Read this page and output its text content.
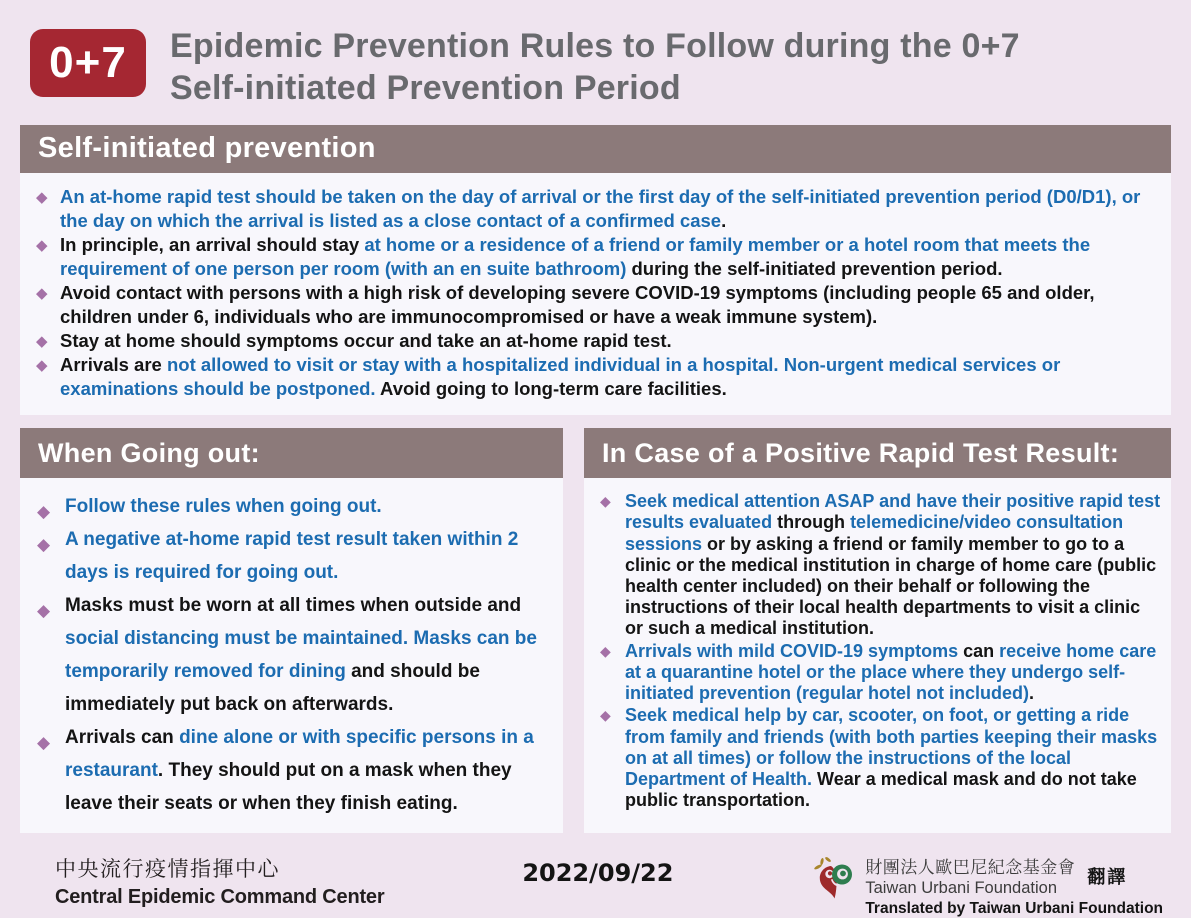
0+7	Epidemic Prevention Rules to Follow during the 0+7 Self-initiated Prevention Period
Self-initiated prevention
◆ An at-home rapid test should be taken on the day of arrival or the first day of the self-initiated prevention period (D0/D1), or the day on which the arrival is listed as a close contact of a confirmed case.
◆ In principle, an arrival should stay at home or a residence of a friend or family member or a hotel room that meets the requirement of one person per room (with an en suite bathroom) during the self-initiated prevention period.
◆ Avoid contact with persons with a high risk of developing severe COVID-19 symptoms (including people 65 and older, children under 6, individuals who are immunocompromised or have a weak immune system).
◆ Stay at home should symptoms occur and take an at-home rapid test.
◆ Arrivals are not allowed to visit or stay with a hospitalized individual in a hospital. Non-urgent medical services or examinations should be postponed. Avoid going to long-term care facilities.
When Going out:
◆ Follow these rules when going out.
◆ A negative at-home rapid test result taken within 2 days is required for going out.
◆ Masks must be worn at all times when outside and social distancing must be maintained. Masks can be temporarily removed for dining and should be immediately put back on afterwards.
◆ Arrivals can dine alone or with specific persons in a restaurant. They should put on a mask when they leave their seats or when they finish eating.
In Case of a Positive Rapid Test Result:
◆ Seek medical attention ASAP and have their positive rapid test results evaluated through telemedicine/video consultation sessions or by asking a friend or family member to go to a clinic or the medical institution in charge of home care (public health center included) on their behalf or following the instructions of their local health departments to visit a clinic or such a medical institution.
◆ Arrivals with mild COVID-19 symptoms can receive home care at a quarantine hotel or the place where they undergo self-initiated prevention (regular hotel not included).
◆ Seek medical help by car, scooter, on foot, or getting a ride from family and friends (with both parties keeping their masks on at all times) or follow the instructions of the local Department of Health. Wear a medical mask and do not take public transportation.
中央流行疫情指揮中心
Central Epidemic Command Center
2022/09/22	財團法人歐巴尼紀念基金會
Taiwan Urbani Foundation
翻譯
Translated by Taiwan Urbani Foundation
